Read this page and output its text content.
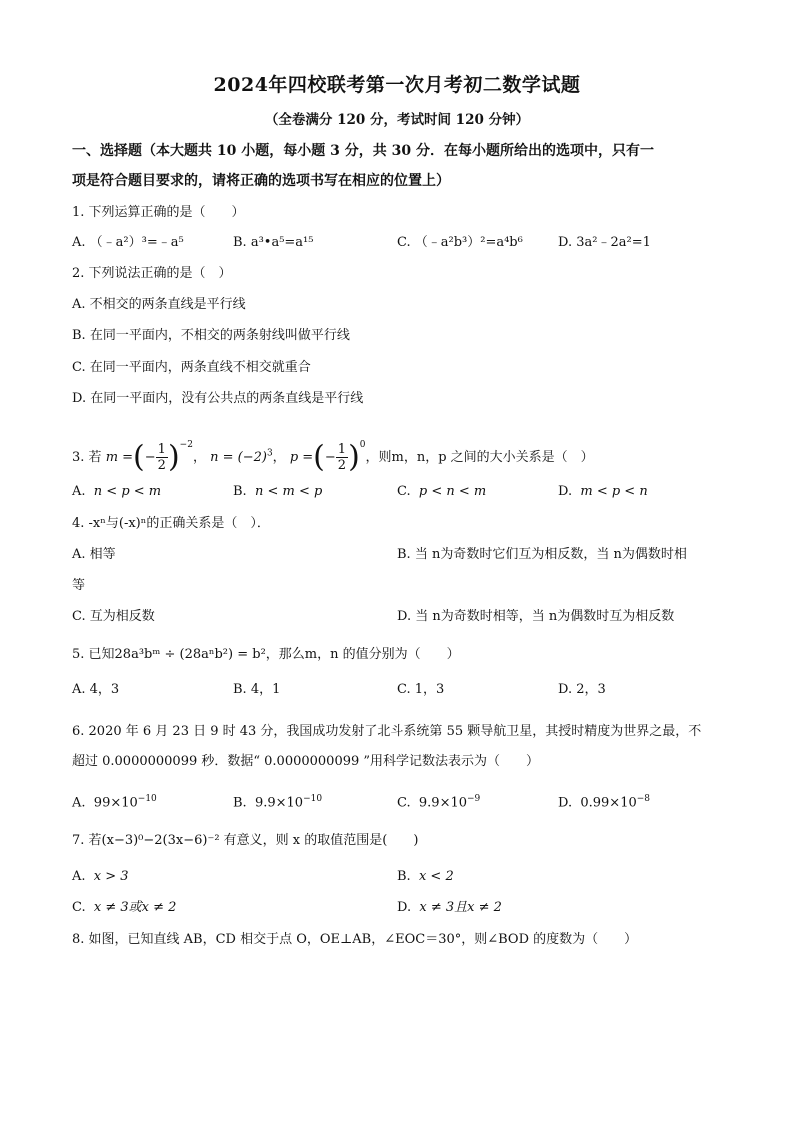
2024年四校联考第一次月考初二数学试题
（全卷满分 120 分，考试时间 120 分钟）
一、选择题（本大题共 10 小题，每小题 3 分，共 30 分．在每小题所给出的选项中，只有一
项是符合题目要求的，请将正确的选项书写在相应的位置上）
1. 下列运算正确的是（　　）
A. （﹣a²）³=﹣a⁵	B. a³•a⁵=a¹⁵	C. （﹣a²b³）²=a⁴b⁶	D. 3a²﹣2a²=1
2. 下列说法正确的是（　）
A. 不相交的两条直线是平行线
B. 在同一平面内，不相交的两条射线叫做平行线
C. 在同一平面内，两条直线不相交就重合
D. 在同一平面内，没有公共点的两条直线是平行线
3. 若 m =(− $\frac{1}{2} )^{-2}$， $n = (-2)^3$， p =(− $\frac{1}{2} )^0$，则m，n，p 之间的大小关系是（　）
A. n < p < m	B. n < m < p	C. p < n < m	D. m < p < n
4. -xⁿ与(-x)ⁿ的正确关系是（　）．
A. 相等	B. 当 n为奇数时它们互为相反数，当 n为偶数时相
等
C. 互为相反数	D. 当 n为奇数时相等，当 n为偶数时互为相反数
5. 已知28a³bᵐ ÷ (28aⁿb²) = b²，那么m，n 的值分别为（　　）
A. 4，3	B. 4，1	C. 1，3	D. 2，3
6. 2020 年 6 月 23 日 9 时 43 分，我国成功发射了北斗系统第 55 颗导航卫星，其授时精度为世界之最，不
超过 0.0000000099 秒．数据“ 0.0000000099 ”用科学记数法表示为（　　）
A. $99\times 10^{-10}$	B. $9.9\times 10^{-10}$	C. $9.9\times 10^{-9}$	D. $0.99\times 10^{-8}$
7. 若(x−3)⁰−2(3x−6)⁻² 有意义，则 x 的取值范围是(　　)
A. x > 3	B. x < 2
C. x ≠ 3或x ≠ 2	D. x ≠ 3且x ≠ 2
8. 如图，已知直线 AB，CD 相交于点 O，OE⊥AB，∠EOC＝30°，则∠BOD 的度数为（　　）
